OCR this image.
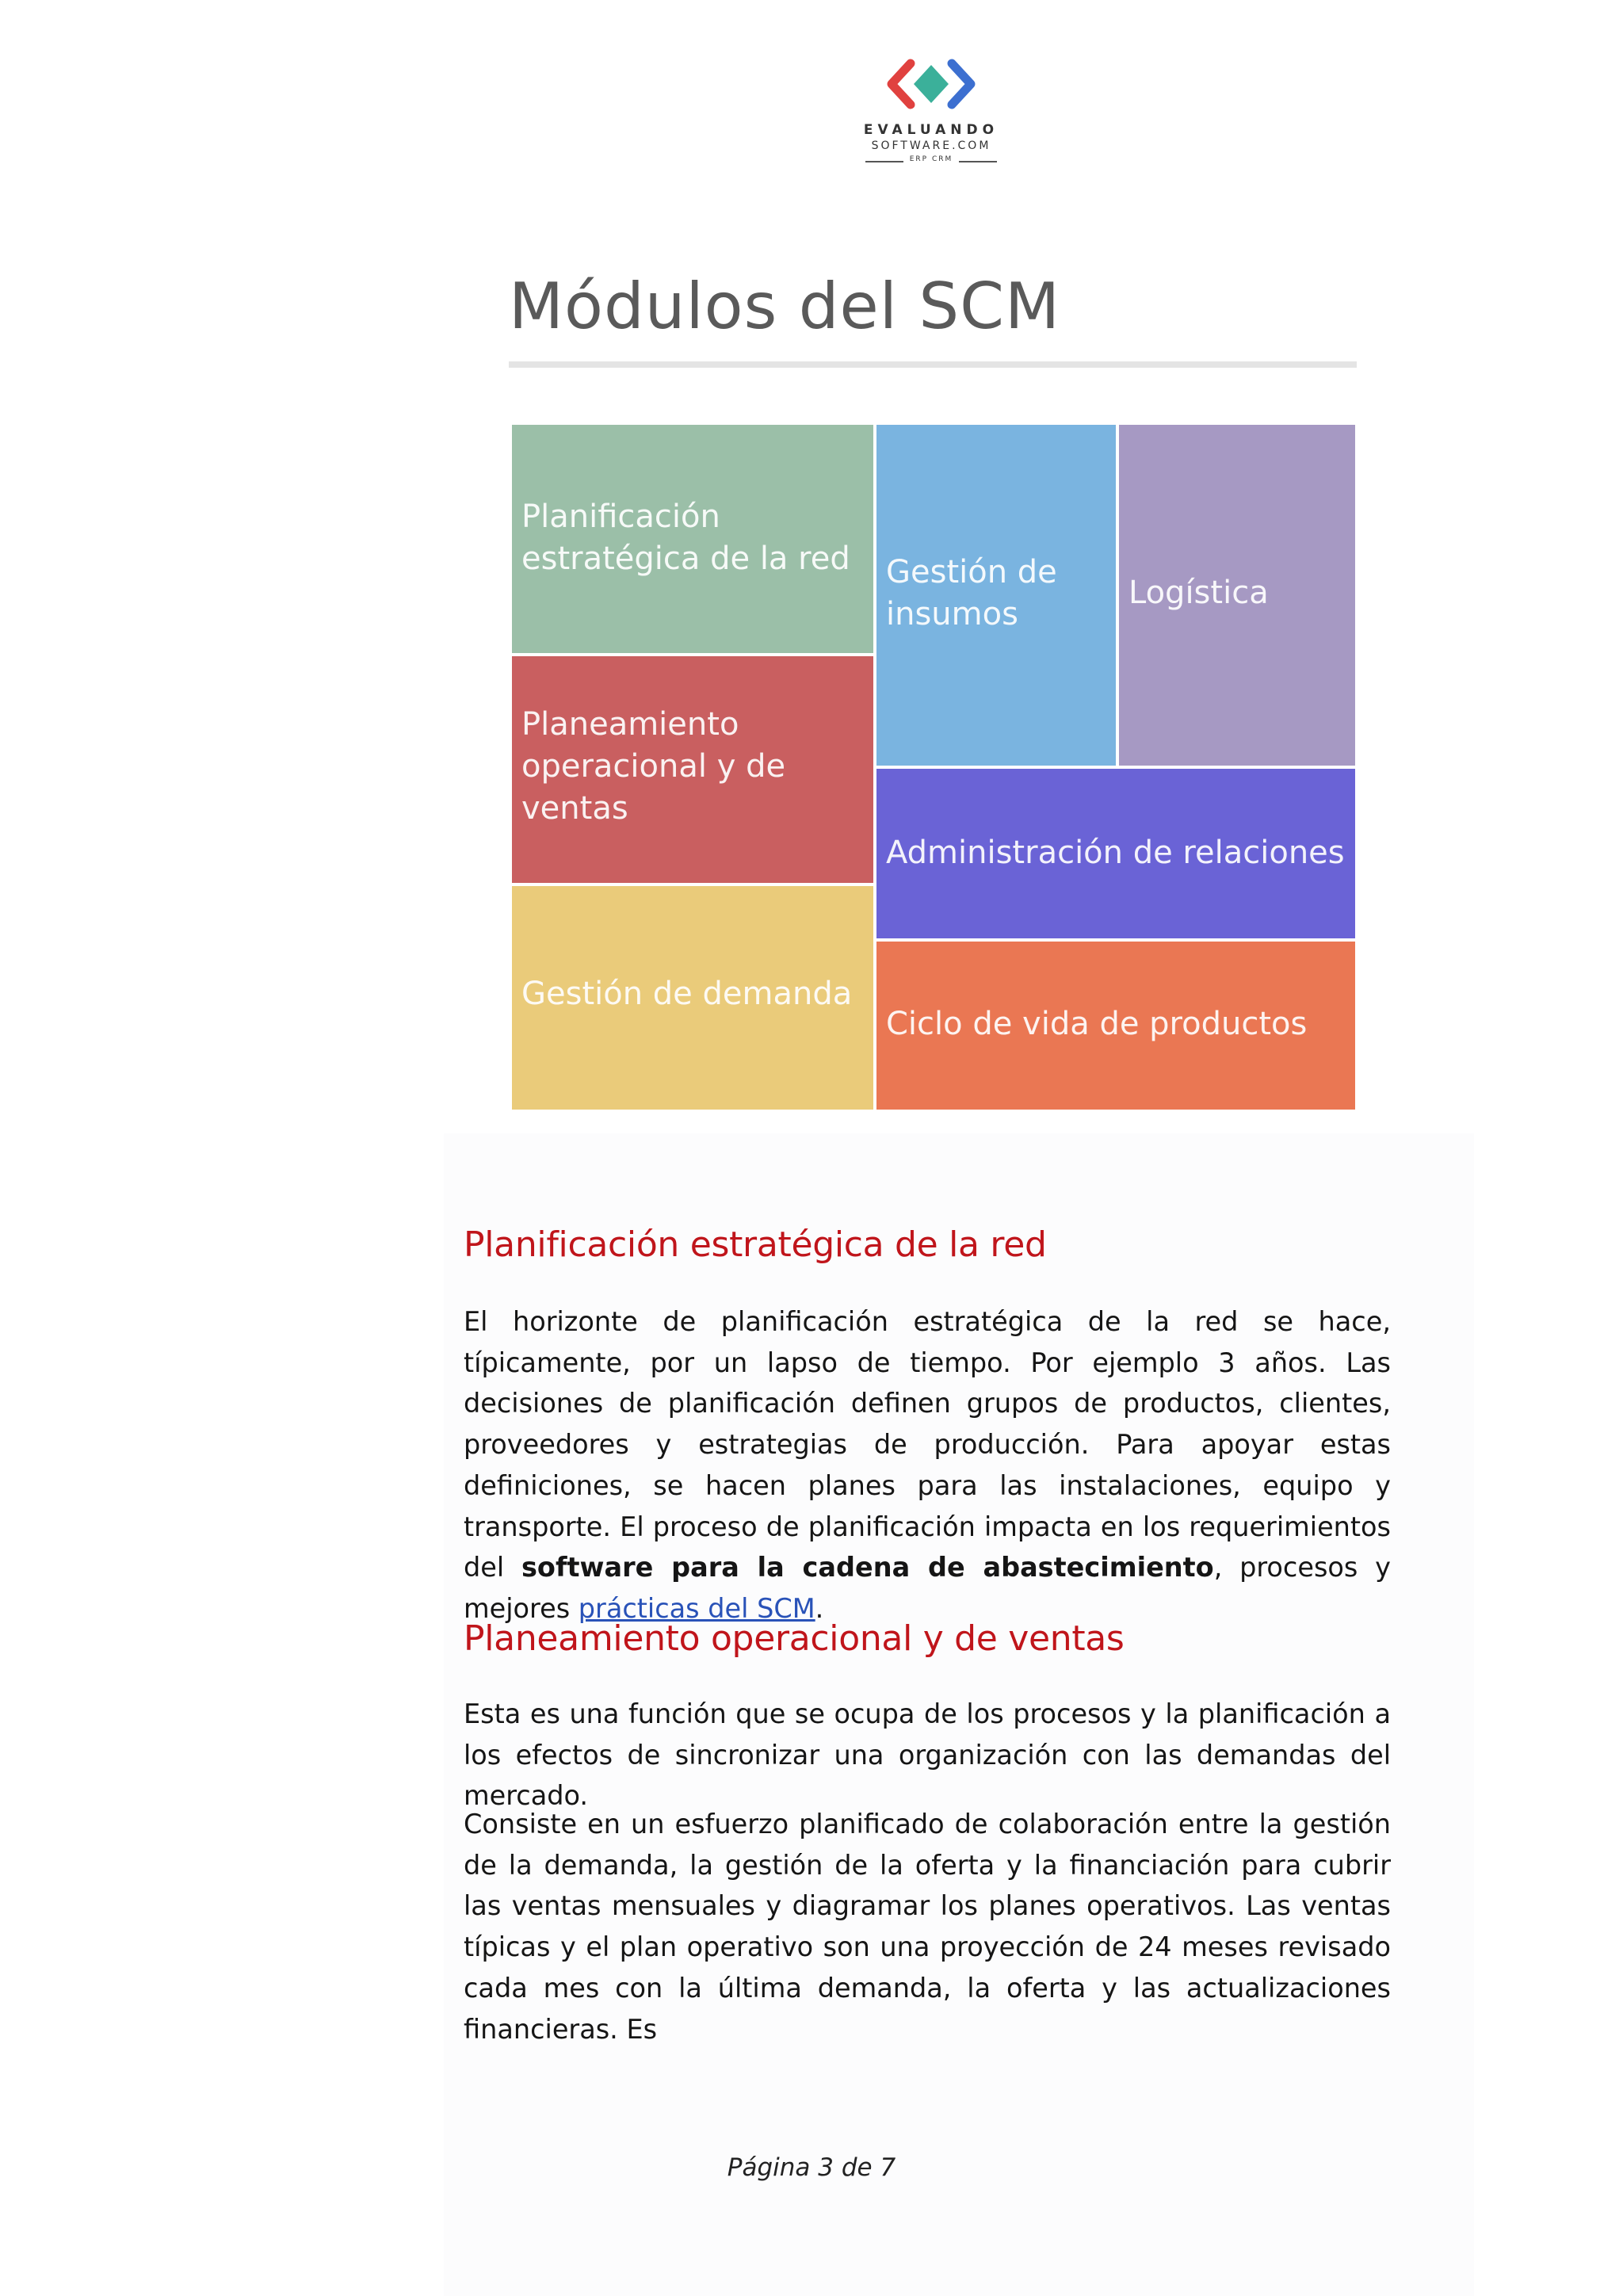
EVALUANDO
SOFTWARE.COM
ERP CRM
Módulos del SCM
Planificación estratégica de la red
Planeamiento operacional y de ventas
Gestión de demanda
Gestión de insumos
Logística
Administración de relaciones
Ciclo de vida de productos
Planificación estratégica de la red

El horizonte de planificación estratégica de la red se hace, típicamente, por un lapso de tiempo. Por ejemplo 3 años. Las decisiones de planificación definen grupos de productos, clientes, proveedores y estrategias de producción. Para apoyar estas definiciones, se hacen planes para las instalaciones, equipo y transporte. El proceso de planificación impacta en los requerimientos del software para la cadena de abastecimiento, procesos y mejores prácticas del SCM.

Planeamiento operacional y de ventas

Esta es una función que se ocupa de los procesos y la planificación a los efectos de sincronizar una organización con las demandas del mercado.

Consiste en un esfuerzo planificado de colaboración entre la gestión de la demanda, la gestión de la oferta y la financiación para cubrir las ventas mensuales y diagramar los planes operativos. Las ventas típicas y el plan operativo son una proyección de 24 meses revisado cada mes con la última demanda, la oferta y las actualizaciones financieras. Es

Página 3 de 7
